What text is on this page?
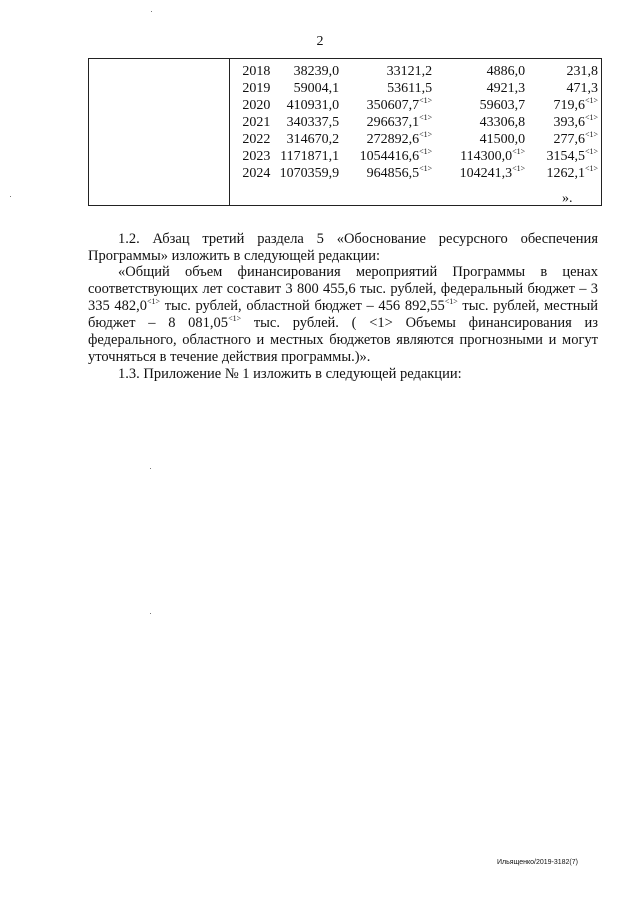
2
2018	38239,0	33121,2	4886,0	231,8
2019	59004,1	53611,5	4921,3	471,3
2020	410931,0	$350607,7^{<1>}$	59603,7	$719,6^{<1>}$
2021	340337,5	$296637,1^{<1>}$	43306,8	$393,6^{<1>}$
2022	314670,2	$272892,6^{<1>}$	41500,0	$277,6^{<1>}$
2023	1171871,1	$1054416,6^{<1>}$	$114300,0^{<1>}$	$3154,5^{<1>}$
2024	1070359,9	$964856,5^{<1>}$	$104241,3^{<1>}$	$1262,1^{<1>}$
».

1.2. Абзац третий раздела 5 «Обоснование ресурсного обеспечения

Программы» изложить в следующей редакции:

«Общий объем финансирования мероприятий Программы в ценах соответствующих лет составит 3 800 455,6 тыс. рублей, федеральный бюджет – 3 335 $482,0^{<1>}$ тыс. рублей, областной бюджет – 456 $892,55^{<1>}$ тыс. рублей, местный бюджет – 8 $081,05^{<1>}$ тыс. рублей. ( <1> Объемы финансирования из федерального, областного и местных бюджетов являются прогнозными и могут уточняться в течение действия программы.)».

1.3. Приложение № 1 изложить в следующей редакции:

Ильященко/2019-3182(7)
